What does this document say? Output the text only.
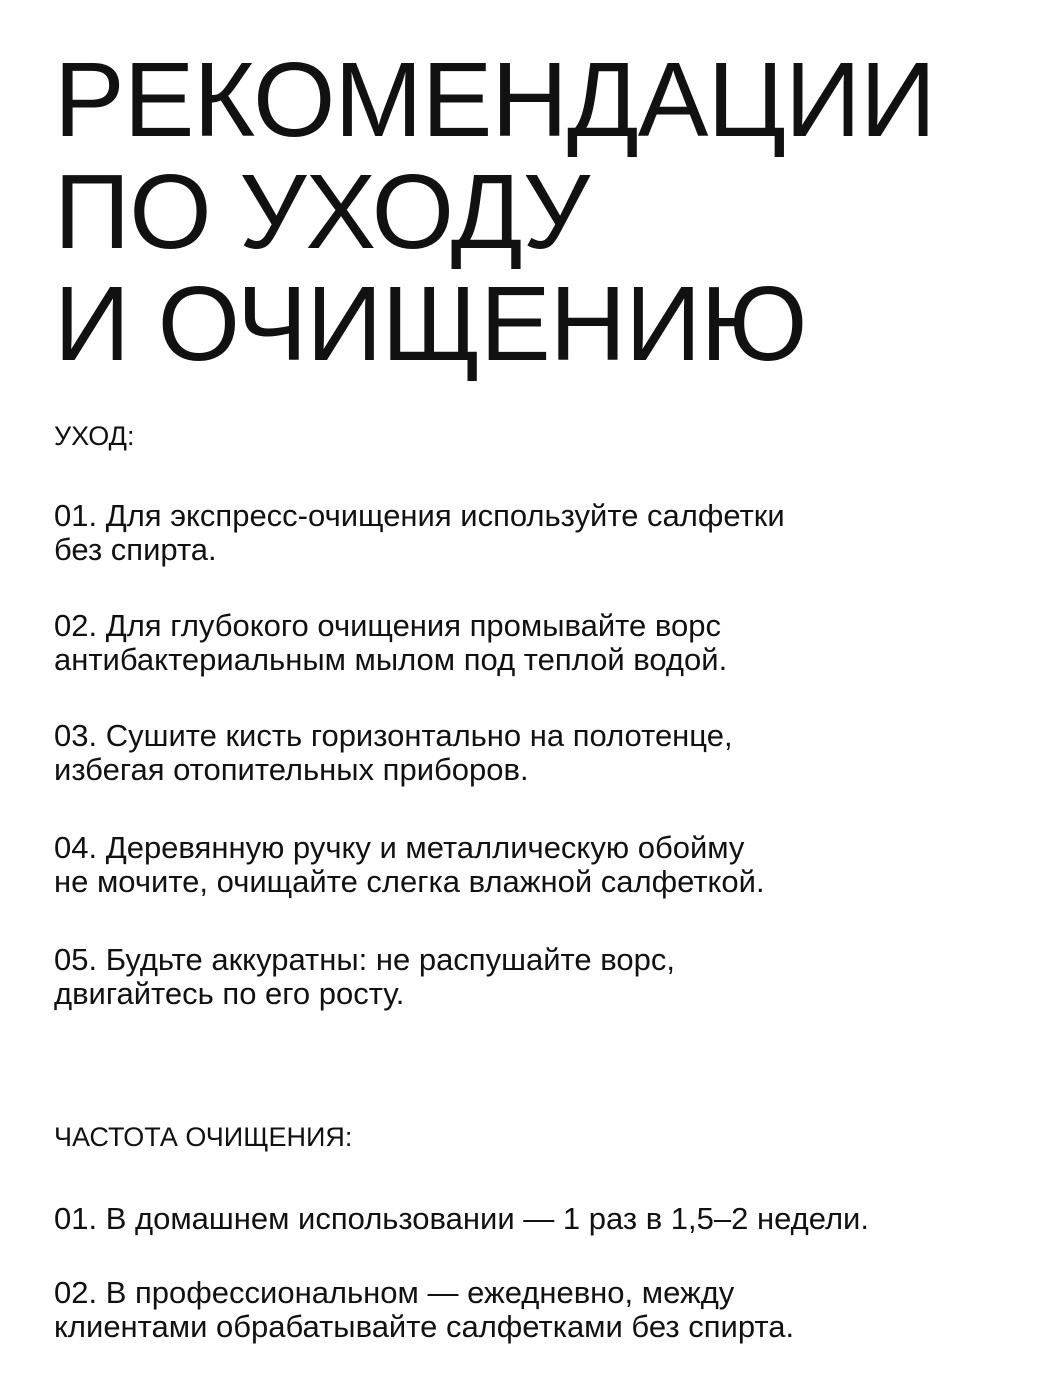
РЕКОМЕНДАЦИИ
ПО УХОДУ
И ОЧИЩЕНИЮ
УХОД:

01. Для экспресс-очищения используйте салфетки
без спирта.

02. Для глубокого очищения промывайте ворс
антибактериальным мылом под теплой водой.

03. Сушите кисть горизонтально на полотенце,
избегая отопительных приборов.

04. Деревянную ручку и металлическую обойму
не мочите, очищайте слегка влажной салфеткой.

05. Будьте аккуратны: не распушайте ворс,
двигайтесь по его росту.

ЧАСТОТА ОЧИЩЕНИЯ:

01. В домашнем использовании — 1 раз в 1,5–2 недели.

02. В профессиональном — ежедневно, между
клиентами обрабатывайте салфетками без спирта.
